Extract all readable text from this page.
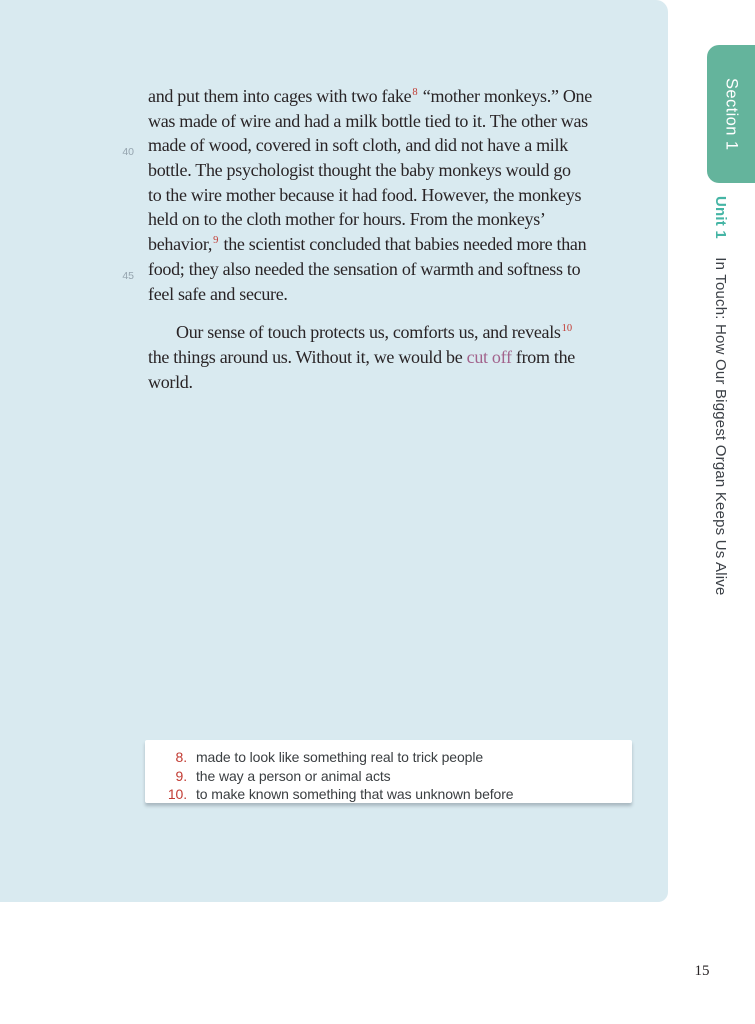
and put them into cages with two fake$^8$ “mother monkeys.” One
was made of wire and had a milk bottle tied to it. The other was
40 made of wood, covered in soft cloth, and did not have a milk
bottle. The psychologist thought the baby monkeys would go
to the wire mother because it had food. However, the monkeys
held on to the cloth mother for hours. From the monkeys’
behavior,$^9$ the scientist concluded that babies needed more than
45 food; they also needed the sensation of warmth and softness to
feel safe and secure.
Our sense of touch protects us, comforts us, and reveals$^{10}$
the things around us. Without it, we would be cut off from the
world.
8. made to look like something real to trick people
9. the way a person or animal acts
10. to make known something that was unknown before
Section 1
Unit 1 In Touch: How Our Biggest Organ Keeps Us Alive
15
